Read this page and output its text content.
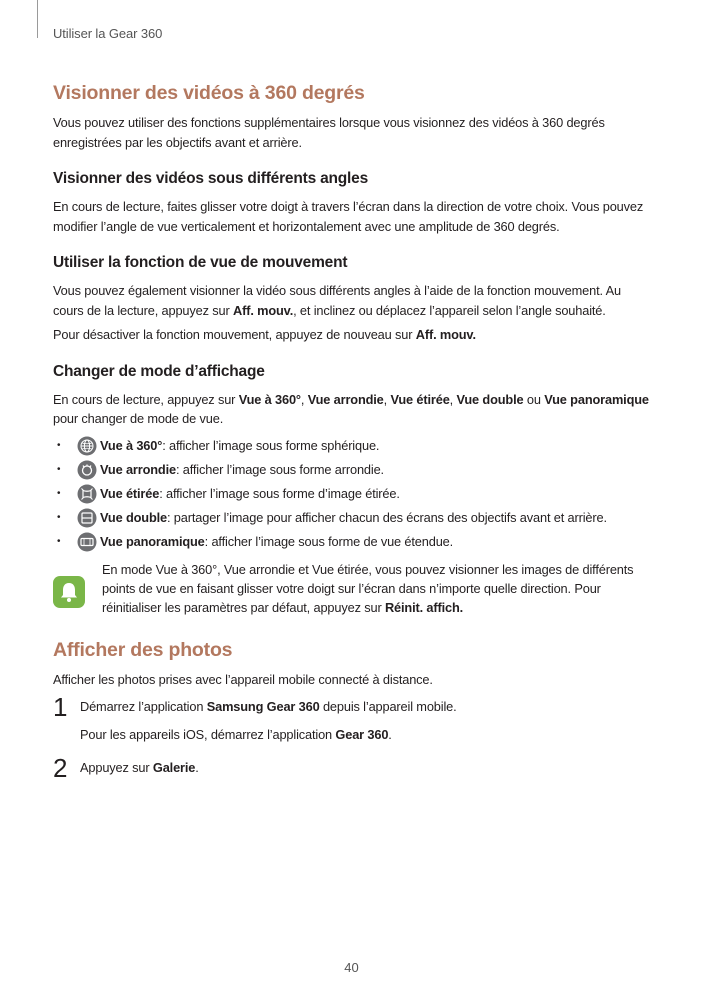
Utiliser la Gear 360
Visionner des vidéos à 360 degrés

Vous pouvez utiliser des fonctions supplémentaires lorsque vous visionnez des vidéos à 360 degrés enregistrées par les objectifs avant et arrière.

Visionner des vidéos sous différents angles

En cours de lecture, faites glisser votre doigt à travers l’écran dans la direction de votre choix. Vous pouvez modifier l’angle de vue verticalement et horizontalement avec une amplitude de 360 degrés.

Utiliser la fonction de vue de mouvement

Vous pouvez également visionner la vidéo sous différents angles à l’aide de la fonction mouvement. Au cours de la lecture, appuyez sur Aff. mouv., et inclinez ou déplacez l’appareil selon l’angle souhaité.

Pour désactiver la fonction mouvement, appuyez de nouveau sur Aff. mouv.

Changer de mode d’affichage

En cours de lecture, appuyez sur Vue à 360°, Vue arrondie, Vue étirée, Vue double ou Vue panoramique pour changer de mode de vue.

•	Vue à 360° : afficher l’image sous forme sphérique.
•	Vue arrondie : afficher l’image sous forme arrondie.
•	Vue étirée : afficher l’image sous forme d’image étirée.
•	Vue double : partager l’image pour afficher chacun des écrans des objectifs avant et arrière.
•	Vue panoramique : afficher l’image sous forme de vue étendue.

En mode Vue à 360°, Vue arrondie et Vue étirée, vous pouvez visionner les images de différents points de vue en faisant glisser votre doigt sur l’écran dans n’importe quelle direction. Pour réinitialiser les paramètres par défaut, appuyez sur Réinit. affich.

Afficher des photos

Afficher les photos prises avec l’appareil mobile connecté à distance.

1 Démarrez l’application Samsung Gear 360 depuis l’appareil mobile.

Pour les appareils iOS, démarrez l’application Gear 360.

2 Appuyez sur Galerie.

40
